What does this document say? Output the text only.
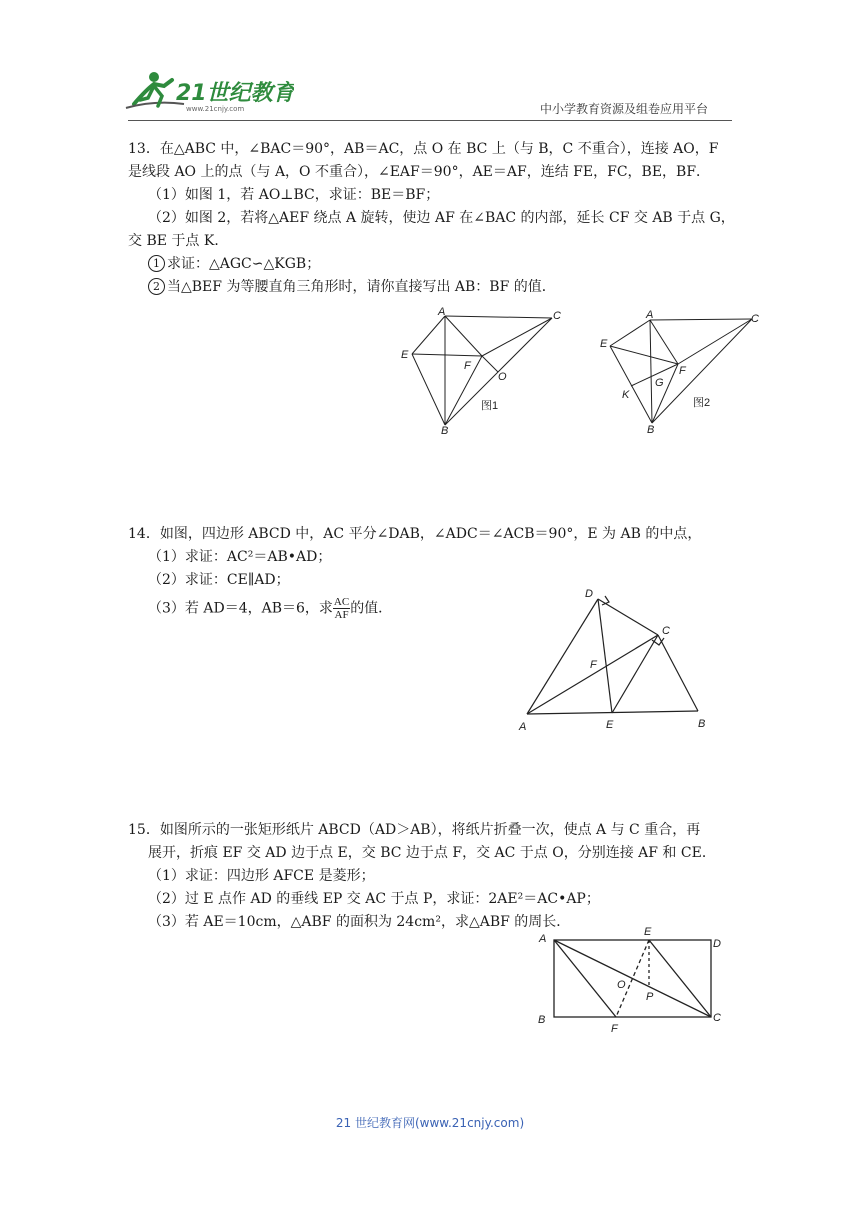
21世纪教育
www.21cnjy.com	中小学教育资源及组卷应用平台

13．在△ABC 中，∠BAC＝90°，AB＝AC，点 O 在 BC 上（与 B，C 不重合），连接 AO，F

是线段 AO 上的点（与 A，O 不重合），∠EAF＝90°，AE＝AF，连结 FE，FC，BE，BF．

（1）如图 1，若 AO⊥BC，求证：BE＝BF；

（2）如图 2，若将△AEF 绕点 A 旋转，使边 AF 在∠BAC 的内部，延长 CF 交 AB 于点 G，

交 BE 于点 K．

1 求证：△AGC∽△KGB；

2 当△BEF 为等腰直角三角形时，请你直接写出 AB：BF 的值．

A	C
E
F
O
B
图1
A	C
E
F
G
K
B
图2

14．如图，四边形 ABCD 中，AC 平分∠DAB，∠ADC＝∠ACB＝90°，E 为 AB 的中点，

（1）求证：AC²＝AB•AD；

（2）求证：CE∥AD；

（3）若 AD＝4，AB＝6，求 $\frac{AC}{AF}$ 的值．

D
C
F
A	E	B

15．如图所示的一张矩形纸片 ABCD（AD＞AB），将纸片折叠一次，使点 A 与 C 重合，再

展开，折痕 EF 交 AD 边于点 E，交 BC 边于点 F，交 AC 于点 O，分别连接 AF 和 CE．

（1）求证：四边形 AFCE 是菱形；

（2）过 E 点作 AD 的垂线 EP 交 AC 于点 P，求证：2AE²＝AC•AP；

（3）若 AE＝10cm，△ABF 的面积为 24cm²，求△ABF 的周长．

A
E
D
O
P
B
F
C
21 世纪教育网(www.21cnjy.com)
